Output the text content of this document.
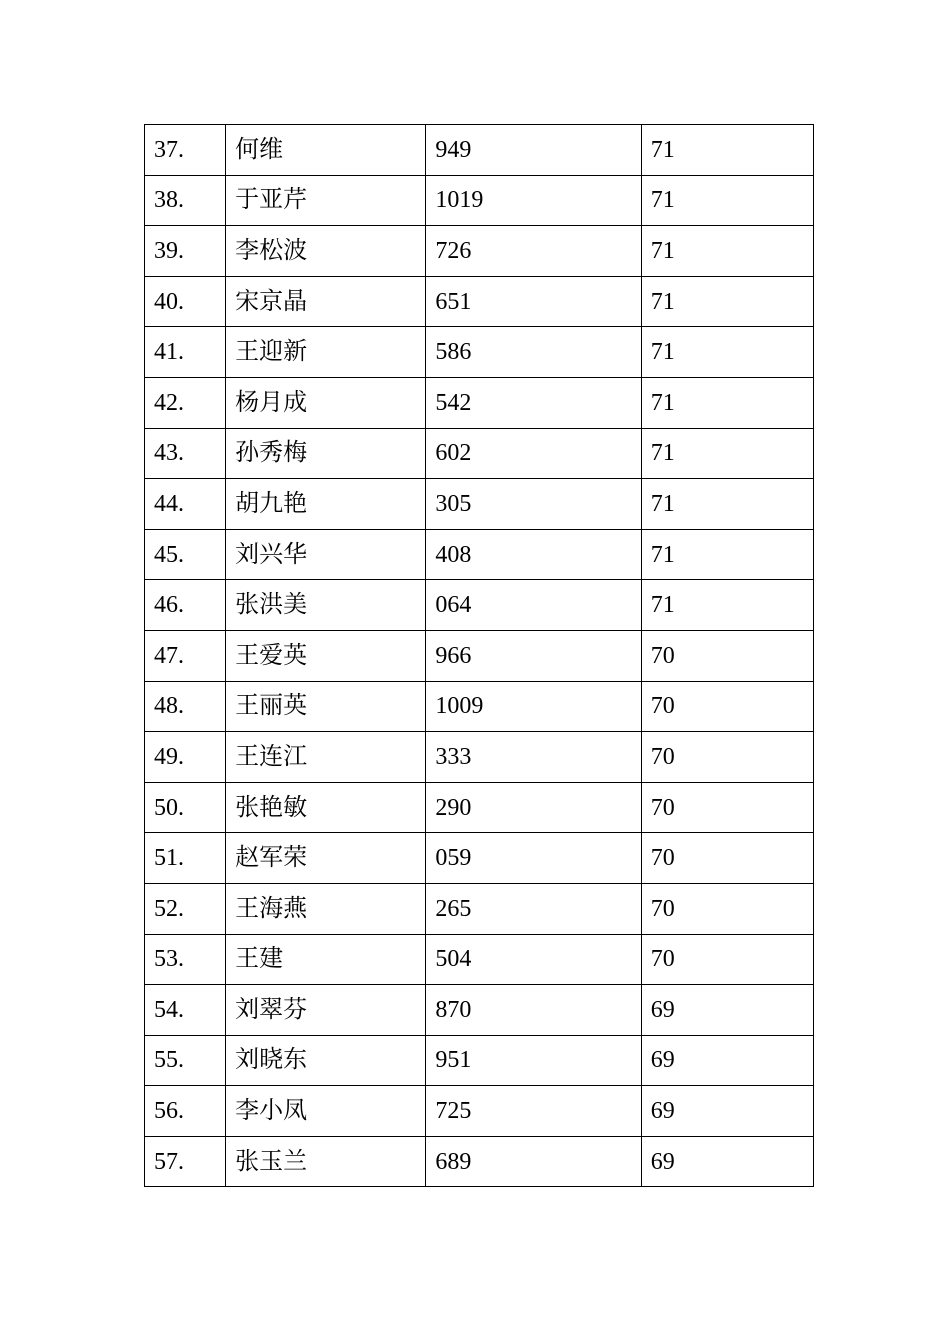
37.	何维	949	71
38.	于亚芹	1019	71
39.	李松波	726	71
40.	宋京晶	651	71
41.	王迎新	586	71
42.	杨月成	542	71
43.	孙秀梅	602	71
44.	胡九艳	305	71
45.	刘兴华	408	71
46.	张洪美	064	71
47.	王爱英	966	70
48.	王丽英	1009	70
49.	王连江	333	70
50.	张艳敏	290	70
51.	赵军荣	059	70
52.	王海燕	265	70
53.	王建	504	70
54.	刘翠芬	870	69
55.	刘晓东	951	69
56.	李小凤	725	69
57.	张玉兰	689	69
